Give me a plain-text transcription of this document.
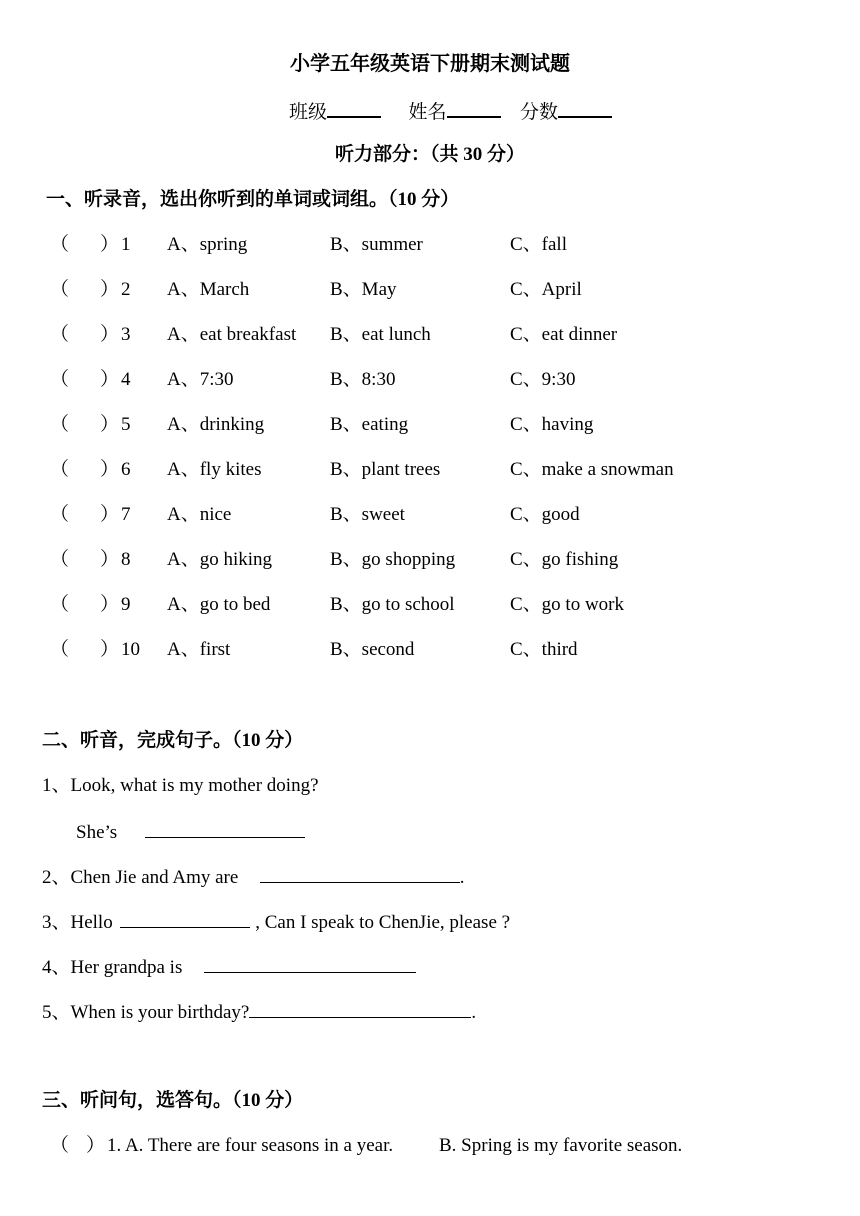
小学五年级英语下册期末测试题
班级	姓名	分数
听力部分：（共 30 分）
一、听录音，选出你听到的单词或词组。（10 分）
（ ） 1 A、spring	B、summer	C、fall
（ ） 2 A、March	B、May	C、April
（ ） 3 A、eat breakfast B、eat lunch	C、eat dinner
（ ） 4 A、7:30	B、8:30	C、9:30
（ ） 5 A、drinking	B、eating	C、having
（ ） 6 A、fly kites	B、plant trees	C、make a snowman
（ ） 7 A、nice	B、sweet	C、good
（ ） 8 A、go hiking	B、go shopping	C、go fishing
（ ） 9 A、go to bed	B、go to school	C、go to work
（ ） 10 A、first	B、second	C、third
二、听音，完成句子。（10 分）
1、Look, what is my mother doing?
She’s
2、Chen Jie and Amy are	.
3、Hello	, Can I speak to ChenJie, please ?
4、Her grandpa is
5、When is your birthday?	.
三、听问句，选答句。（10 分）
（ ） 1. A. There are four seasons in a year. B. Spring is my favorite season.
